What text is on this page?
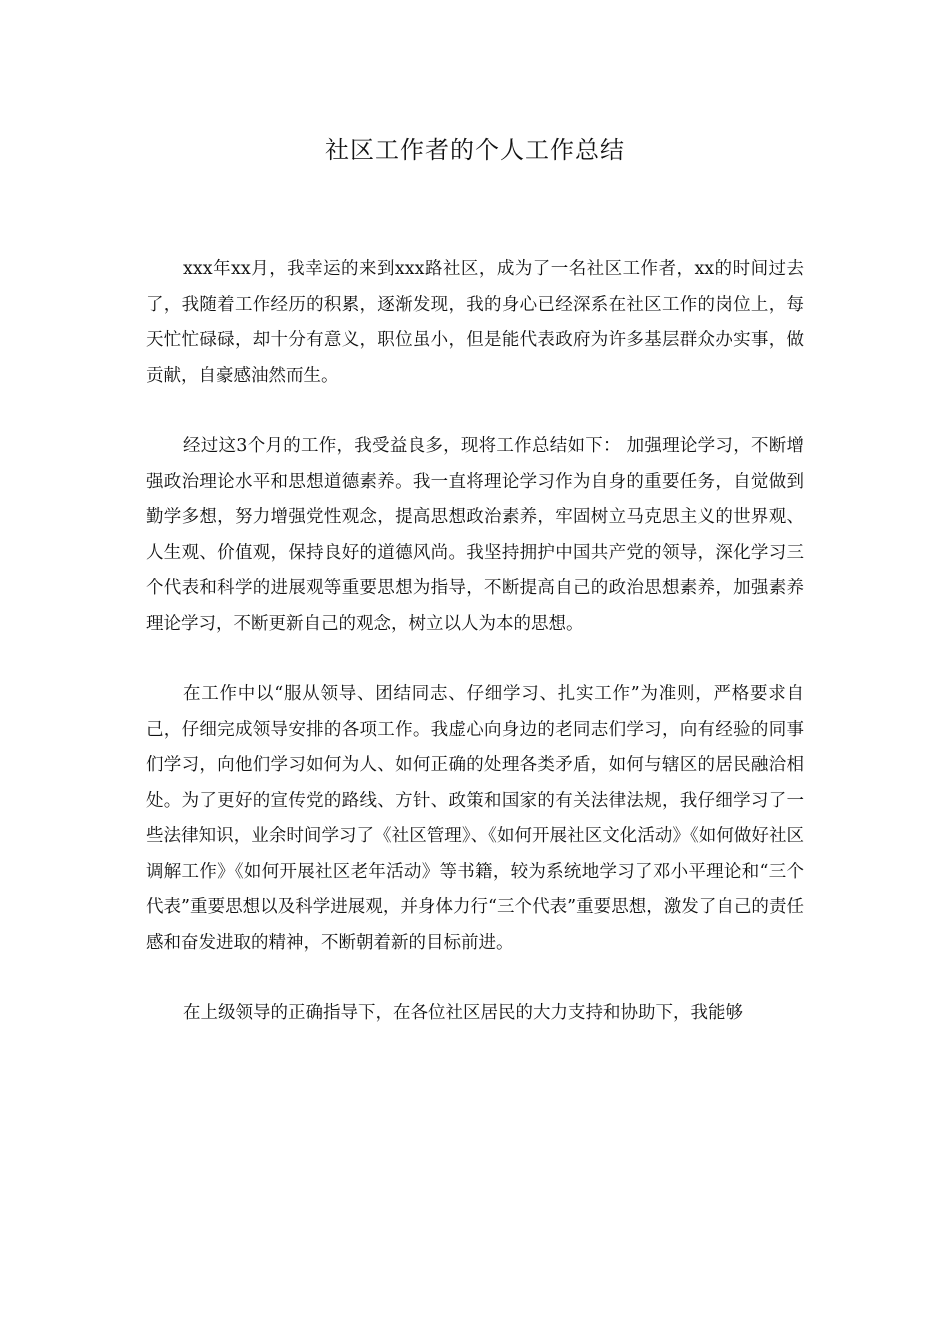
社区工作者的个人工作总结

xxx年xx月，我幸运的来到xxx路社区，成为了一名社区工作者，xx的时间过去了，我随着工作经历的积累，逐渐发现，我的身心已经深系在社区工作的岗位上，每天忙忙碌碌，却十分有意义，职位虽小，但是能代表政府为许多基层群众办实事，做贡献，自豪感油然而生。

经过这3个月的工作，我受益良多，现将工作总结如下： 加强理论学习，不断增强政治理论水平和思想道德素养。我一直将理论学习作为自身的重要任务，自觉做到勤学多想，努力增强党性观念，提高思想政治素养，牢固树立马克思主义的世界观、人生观、价值观，保持良好的道德风尚。我坚持拥护中国共产党的领导，深化学习三个代表和科学的进展观等重要思想为指导，不断提高自己的政治思想素养，加强素养理论学习，不断更新自己的观念，树立以人为本的思想。

在工作中以“服从领导、团结同志、仔细学习、扎实工作”为准则，严格要求自己，仔细完成领导安排的各项工作。我虚心向身边的老同志们学习，向有经验的同事们学习，向他们学习如何为人、如何正确的处理各类矛盾，如何与辖区的居民融洽相处。为了更好的宣传党的路线、方针、政策和国家的有关法律法规，我仔细学习了一些法律知识，业余时间学习了《社区管理》、《如何开展社区文化活动》《如何做好社区调解工作》《如何开展社区老年活动》等书籍，较为系统地学习了邓小平理论和“三个代表”重要思想以及科学进展观，并身体力行“三个代表”重要思想，激发了自己的责任感和奋发进取的精神，不断朝着新的目标前进。

在上级领导的正确指导下，在各位社区居民的大力支持和协助下，我能够
